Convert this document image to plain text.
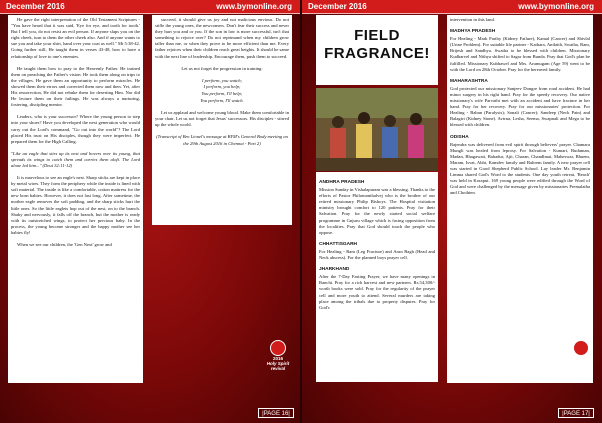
December 2016	www.bymonline.org

He gave the right interpretation of the Old Testament Scriptures - "You have heard that it was said, 'Eye for eye, and tooth for tooth.' But I tell you, do not resist an evil person. If anyone slaps you on the right cheek, turn to them the other cheek also. And if anyone wants to sue you and take your shirt, hand over your coat as well." Mt 5:38-42. Going further still, He taught them in verses 43-48, how to have a relationship of love to one's enemies.

He taught them how to pray to the Heavenly Father. He trained them on preaching the Father's vision. He took them along on trips to the villages. He gave them an opportunity to perform miracles. He showed them their errors and corrected them now and then. Yet, after His resurrection, He did not rebuke them for deserting Him. Nor did He lecture them on their failings. He was always a nurturing, fostering, discipling mentor.

Leaders, who is your successor? Where the young person to step into your shoes? Have you developed the next generation who would carry out the Lord's command, "Go out into the world"? The Lord placed His trust on His disciples, though they were imperfect. He prepared them for the High Calling.

"Like an eagle that stirs up its nest and hovers over its young, that spreads its wings to catch them and carries them aloft. The Lord alone led him..." (Deut 32:11-12)

It is marvelous to see an eagle's nest. Sharp sticks are kept in place by metal wires. They form the periphery while the inside is lined with soft material. The inside is like a comfortable, cotton mattress for the new born babies. However, it does not last long. After sometime, the mother eagle removes the soft padding, and the sharp sticks hurt the little ones. So the little eaglets hop out of the nest, on to the branch. Shaky and nervously, it falls off the branch, but the mother is ready with its outstretched wings, to protect her precious baby. In the process, the young become stronger and the happy mother see her babies fly!

When we see our children, the 'Gen Next' grow and

succeed, it should give us joy and not malicious envious. Do not stifle the young ones, the newcomers. Don't fear their success and never they hurt you and or you. If the son in law is more successful, isn't that something to rejoice over? Do not reprimand when my children grow taller than me, or when they prove to be more efficient than me. Every father rejoices when their children reach great heights. It should be same with the next line of leadership. Encourage them, push them to succeed.

Let us not forget the progression in training:

I perform, you watch;
I perform, you help;
You perform, I'll help;
You perform, I'll watch.

Let us applaud and welcome young blood. Make them comfortable in your chair. Let us not forget that Jesus' successors. His disciples - stirred up the whole world.

(Transcript of Bro Lionel's message at BYM's General Body meeting on the 29th August 2016 in Chennai - Part 2)

2016
Holy Spirit revival
|PAGE 16|
December 2016	www.bymonline.org
FIELD
FRAGRANCE!
ANDHRA PRADESH
Mission Sunday in Vishalapuram was a blessing. Thanks to the efforts of Pastor Philomonthalvej who is the brother of our retired missionary Philip Bishoys. The Hospital visitation ministry brought comfort to 120 patients. Pray for their Salvation. Pray for the newly started social welfare programme in Gnjuru village which is facing opposition from the localities. Pray that God should touch the people who oppose.
CHHATTISGARH
For Healing - Ram (Leg Fracture) and Arun Bagh (Head and Neck abscess). For the planned boys prayer cell.
JHARKHAND
After the 7-Day Fasting Prayer, we have many openings in Ranchi. Pray for a rich harvest and new partners. Rs.54,300/- worth books were sold. Pray for the regularity of the prayer cell and more youth to attend. Several murders are taking place among the tribals due to property disputes. Pray for God's
intervention in this land.
MADHYA PRADESH
For Healing - Mark Parthy (Kidney Failure), Kamal (Cancer) and Shivlal (Urine Problem). For suitable life partner - Kathara, Anilaith, Swatha, Ram, Brijesh and Sandhya. Swatha to be blessed with children. Missionary Kudharvel and Nithya shifted to Sagar from Bunda. Pray that God's plan be fulfilled. Missionary Kubhawel and Mrs. Arumugam (Age 59) went to be with the Lord on 28th October. Pray for the bereaved family.
MAHARASHTRA
God protected our missionary Sanjeev Dongre from road accident. He had minor surgery in his right hand. Pray for the speedy recovery. Our native missionary's wife Parvathi met with an accident and have fracture in her hand. Pray for her recovery. Pray for our missionaries' protection. For Healing - Baban (Paralysis); Sonali (Cancer); Sandeep (Neck Pain) and Balagiri (Kidney Stone). Avirna, Lesha, Seema, Swapnali and Mega to be blessed with children.
ODISHA
Rajendra was delivered from evil spirit through believers' prayer. Chamara Mungli was healed from leprosy. For Salvation - Kumari, Buduman, Madan, Bhagawati, Bahadur, Ajit, Charan, Chandlmai, Maheswar, Bhuem, Maram, Isvat, Abhi, Kamdev family and Balirem family. A new prayer cell was started in Good Shepherd Public School. Lay leader Mr. Benjamin Limma shared God's Word to the students. One day youth retreat, 'Reach' was held in Koraput. 169 young people were edified through the Word of God and were challenged by the message given by missionaries Premalatha and Chothien.
2016
Holy Spirit revival
|PAGE 17|
